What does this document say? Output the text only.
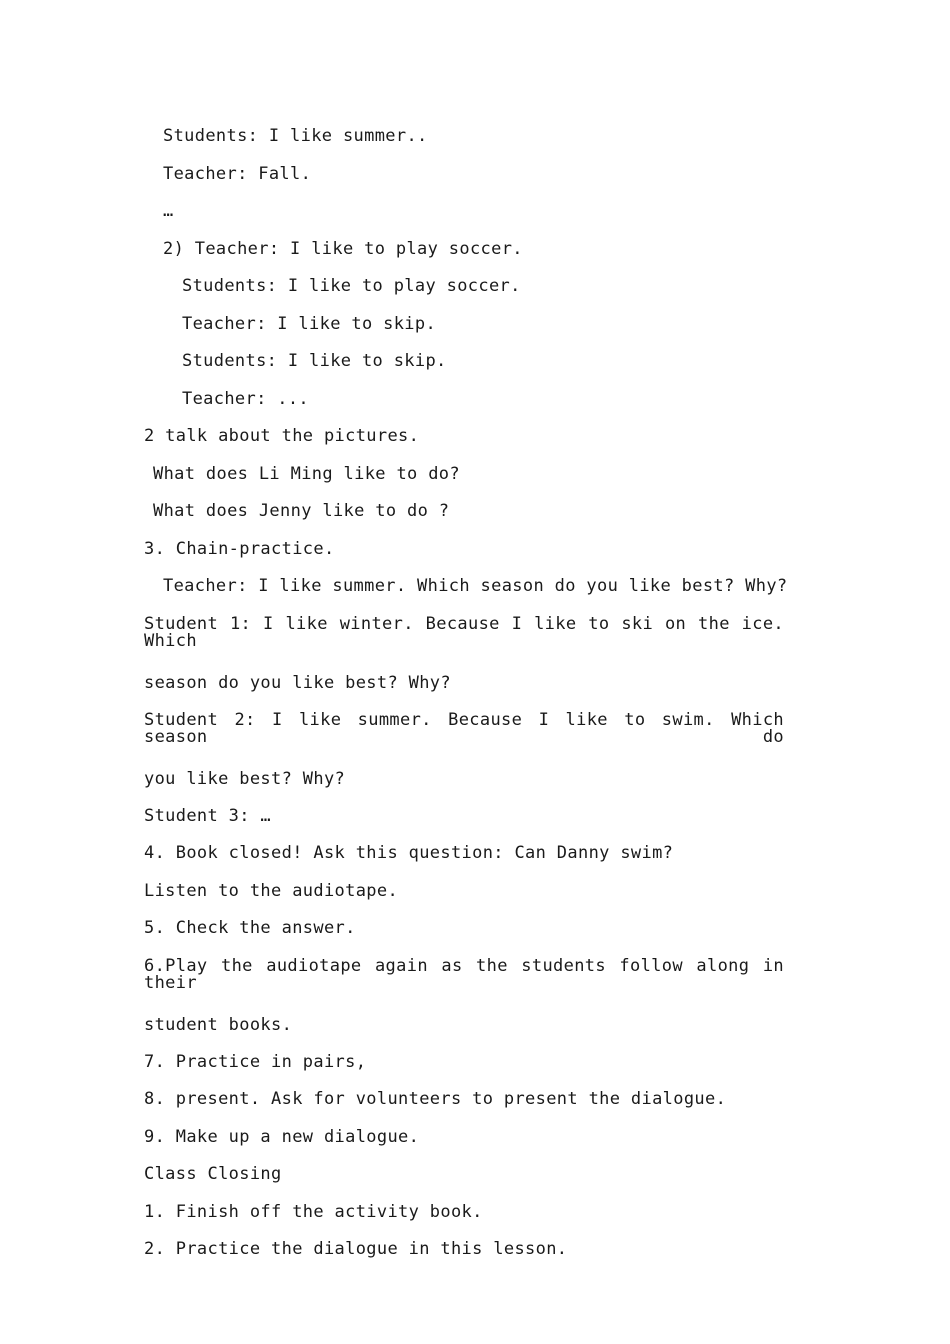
Students: I like summer..
Teacher: Fall.
…
2) Teacher: I like to play soccer.
Students: I like to play soccer.
Teacher: I like to skip.
Students: I like to skip.
Teacher: ...
2 talk about the pictures.
What does Li Ming like to do?
What does Jenny like to do ?
3. Chain-practice.
Teacher: I like summer. Which season do you like best? Why?
Student 1: I like winter. Because I like to ski on the ice. Which
season do you like best? Why?
Student 2: I like summer. Because I like to swim. Which season do
you like best? Why?
Student 3: …
4. Book closed! Ask this question: Can Danny swim?
Listen to the audiotape.
5. Check the answer.
6.Play the audiotape again as the students follow along in their
student books.
7. Practice in pairs,
8. present. Ask for volunteers to present the dialogue.
9. Make up a new dialogue.
Class Closing
1. Finish off the activity book.
2. Practice the dialogue in this lesson.
